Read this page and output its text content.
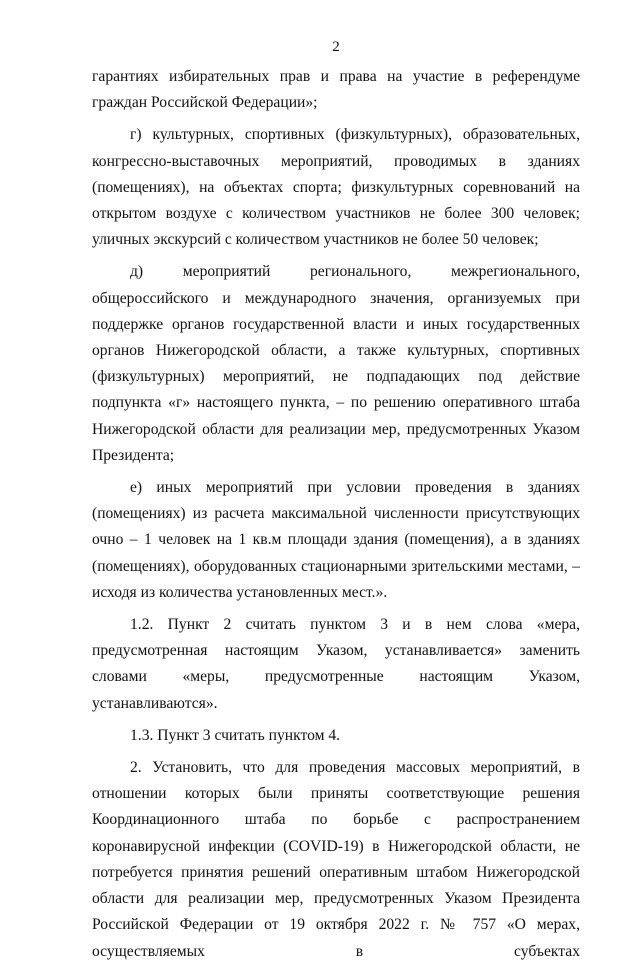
2

гарантиях избирательных прав и права на участие в референдуме граждан Российской Федерации»;

г) культурных, спортивных (физкультурных), образовательных, конгрессно-выставочных мероприятий, проводимых в зданиях (помещениях), на объектах спорта; физкультурных соревнований на открытом воздухе с количеством участников не более 300 человек; уличных экскурсий с количеством участников не более 50 человек;

д) мероприятий регионального, межрегионального, общероссийского и международного значения, организуемых при поддержке органов государственной власти и иных государственных органов Нижегородской области, а также культурных, спортивных (физкультурных) мероприятий, не подпадающих под действие подпункта «г» настоящего пункта, – по решению оперативного штаба Нижегородской области для реализации мер, предусмотренных Указом Президента;

е) иных мероприятий при условии проведения в зданиях (помещениях) из расчета максимальной численности присутствующих очно – 1 человек на 1 кв.м площади здания (помещения), а в зданиях (помещениях), оборудованных стационарными зрительскими местами, – исходя из количества установленных мест.».

1.2. Пункт 2 считать пунктом 3 и в нем слова «мера, предусмотренная настоящим Указом, устанавливается» заменить словами «меры, предусмотренные настоящим Указом, устанавливаются».

1.3. Пункт 3 считать пунктом 4.

2. Установить, что для проведения массовых мероприятий, в отношении которых были приняты соответствующие решения Координационного штаба по борьбе с распространением коронавирусной инфекции (COVID-19) в Нижегородской области, не потребуется принятия решений оперативным штабом Нижегородской области для реализации мер, предусмотренных Указом Президента Российской Федерации от 19 октября 2022 г. № 757 «О мерах, осуществляемых в субъектах
